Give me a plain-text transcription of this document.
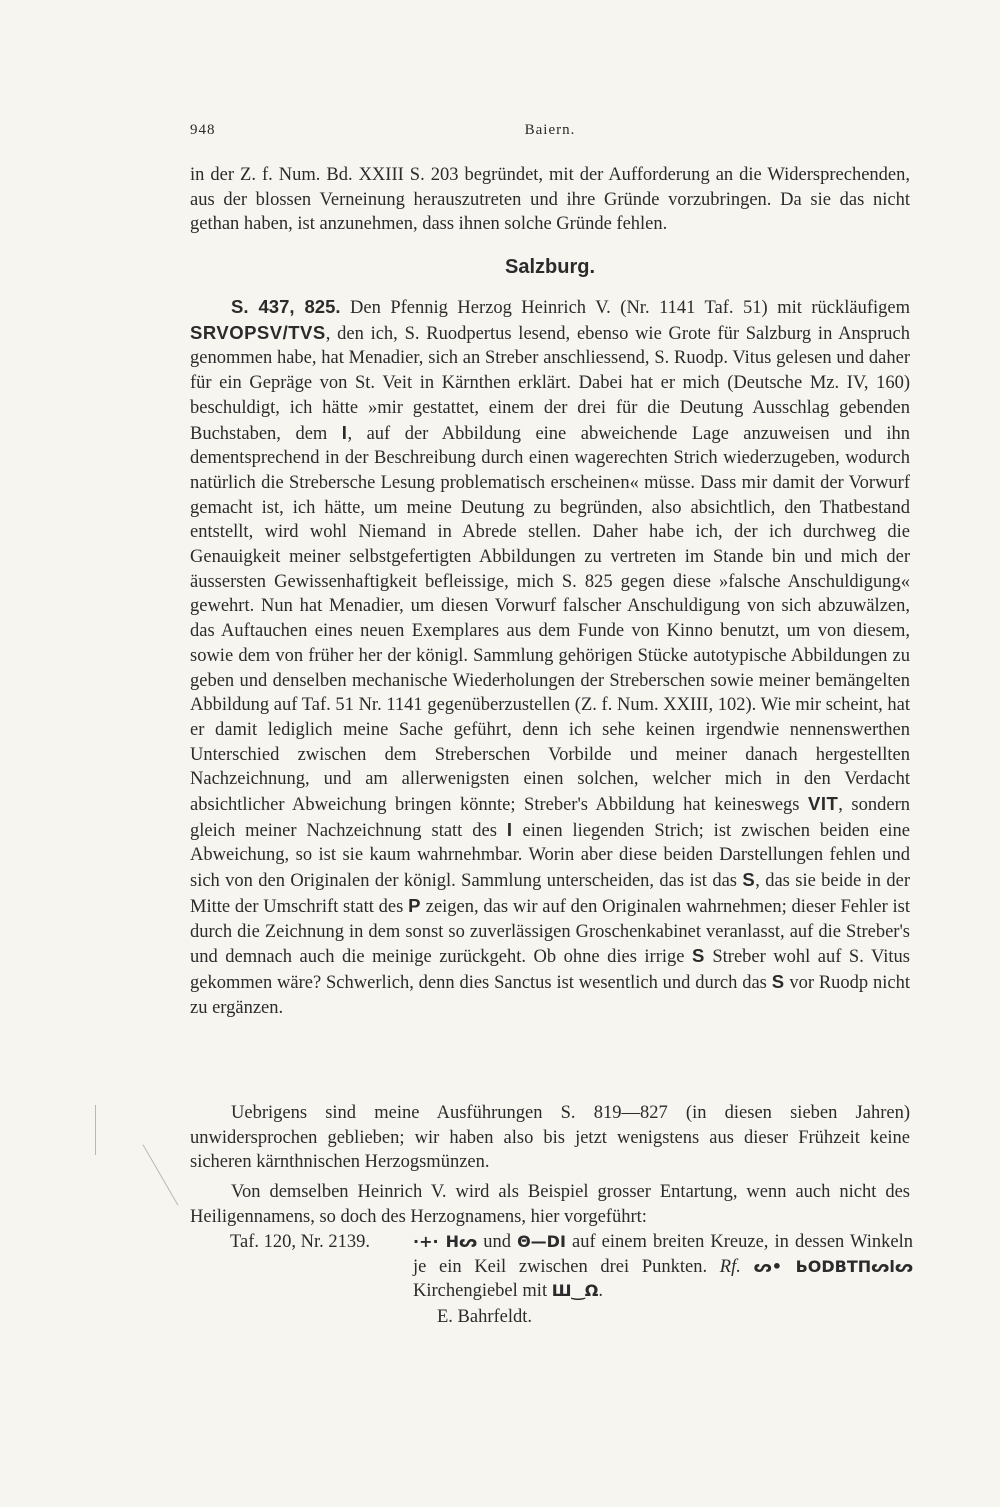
948	Baiern.

in der Z. f. Num. Bd. XXIII S. 203 begründet, mit der Aufforderung an die Widersprechenden, aus der blossen Verneinung herauszutreten und ihre Gründe vorzubringen. Da sie das nicht gethan haben, ist anzunehmen, dass ihnen solche Gründe fehlen.

Salzburg.

S. 437, 825. Den Pfennig Herzog Heinrich V. (Nr. 1141 Taf. 51) mit rückläufigem SRVOPSV/TVS, den ich, S. Ruodpertus lesend, ebenso wie Grote für Salzburg in Anspruch genommen habe, hat Menadier, sich an Streber anschliessend, S. Ruodp. Vitus gelesen und daher für ein Gepräge von St. Veit in Kärnthen erklärt. Dabei hat er mich (Deutsche Mz. IV, 160) beschuldigt, ich hätte »mir gestattet, einem der drei für die Deutung Ausschlag gebenden Buchstaben, dem I, auf der Abbildung eine abweichende Lage anzuweisen und ihn dementsprechend in der Beschreibung durch einen wagerechten Strich wiederzugeben, wodurch natürlich die Strebersche Lesung problematisch erscheinen« müsse. Dass mir damit der Vorwurf gemacht ist, ich hätte, um meine Deutung zu begründen, also absichtlich, den Thatbestand entstellt, wird wohl Niemand in Abrede stellen. Daher habe ich, der ich durchweg die Genauigkeit meiner selbstgefertigten Abbildungen zu vertreten im Stande bin und mich der äussersten Gewissenhaftigkeit befleissige, mich S. 825 gegen diese »falsche Anschuldigung« gewehrt. Nun hat Menadier, um diesen Vorwurf falscher Anschuldigung von sich abzuwälzen, das Auftauchen eines neuen Exemplares aus dem Funde von Kinno benutzt, um von diesem, sowie dem von früher her der königl. Sammlung gehörigen Stücke autotypische Abbildungen zu geben und denselben mechanische Wiederholungen der Streberschen sowie meiner bemängelten Abbildung auf Taf. 51 Nr. 1141 gegenüberzustellen (Z. f. Num. XXIII, 102). Wie mir scheint, hat er damit lediglich meine Sache geführt, denn ich sehe keinen irgendwie nennenswerthen Unterschied zwischen dem Streberschen Vorbilde und meiner danach hergestellten Nachzeichnung, und am allerwenigsten einen solchen, welcher mich in den Verdacht absichtlicher Abweichung bringen könnte; Streber's Abbildung hat keineswegs VIT, sondern gleich meiner Nachzeichnung statt des I einen liegenden Strich; ist zwischen beiden eine Abweichung, so ist sie kaum wahrnehmbar. Worin aber diese beiden Darstellungen fehlen und sich von den Originalen der königl. Sammlung unterscheiden, das ist das S, das sie beide in der Mitte der Umschrift statt des P zeigen, das wir auf den Originalen wahrnehmen; dieser Fehler ist durch die Zeichnung in dem sonst so zuverlässigen Groschenkabinet veranlasst, auf die Streber's und demnach auch die meinige zurückgeht. Ob ohne dies irrige S Streber wohl auf S. Vitus gekommen wäre? Schwerlich, denn dies Sanctus ist wesentlich und durch das S vor Ruodp nicht zu ergänzen.

Uebrigens sind meine Ausführungen S. 819—827 (in diesen sieben Jahren) unwidersprochen geblieben; wir haben also bis jetzt wenigstens aus dieser Frühzeit keine sicheren kärnthnischen Herzogsmünzen.

Von demselben Heinrich V. wird als Beispiel grosser Entartung, wenn auch nicht des Heiligennamens, so doch des Herzognamens, hier vorgeführt:

Taf. 120, Nr. 2139.	·+· Hᔕ und Θ—DI auf einem breiten Kreuze, in dessen Winkeln je ein Keil zwischen drei Punkten. Rf. ᔕ• ЬODBTΠᔕlᔕ Kirchengiebel mit Ш‿Ω.
E. Bahrfeldt.
